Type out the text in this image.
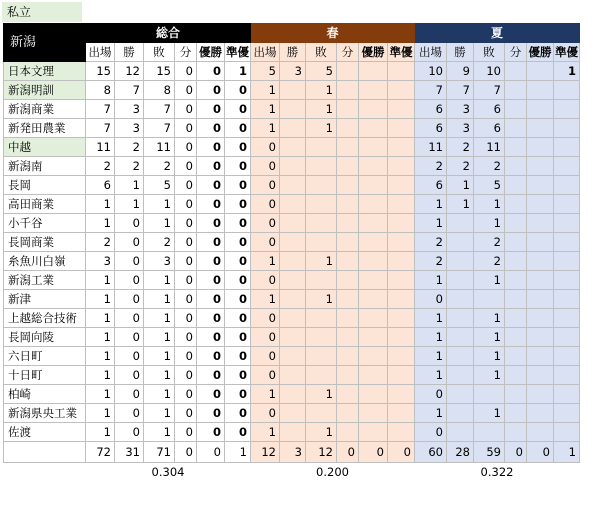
私立
新潟	総合						春						夏					
	出場	勝	敗	分	優勝	準優	出場	勝	敗	分	優勝	準優	出場	勝	敗	分	優勝	準優
日本文理	15	12	15	0	0	1	5	3	5				10	9	10			1
新潟明訓	8	7	8	0	0	0	1		1				7	7	7			
新潟商業	7	3	7	0	0	0	1		1				6	3	6			
新発田農業	7	3	7	0	0	0	1		1				6	3	6			
中越	11	2	11	0	0	0	0						11	2	11			
新潟南	2	2	2	0	0	0	0						2	2	2			
長岡	6	1	5	0	0	0	0						6	1	5			
高田商業	1	1	1	0	0	0	0						1	1	1			
小千谷	1	0	1	0	0	0	0						1		1			
長岡商業	2	0	2	0	0	0	0						2		2			
糸魚川白嶺	3	0	3	0	0	0	1		1				2		2			
新潟工業	1	0	1	0	0	0	0						1		1			
新津	1	0	1	0	0	0	1		1				0					
上越総合技術	1	0	1	0	0	0	0						1		1			
長岡向陵	1	0	1	0	0	0	0						1		1			
六日町	1	0	1	0	0	0	0						1		1			
十日町	1	0	1	0	0	0	0						1		1			
柏崎	1	0	1	0	0	0	1		1				0					
新潟県央工業	1	0	1	0	0	0	0						1		1			
佐渡	1	0	1	0	0	0	1		1				0					
	72	31	71	0	0	1	12	3	12	0	0	0	60	28	59	0	0	1
	0.304						0.200						0.322					
